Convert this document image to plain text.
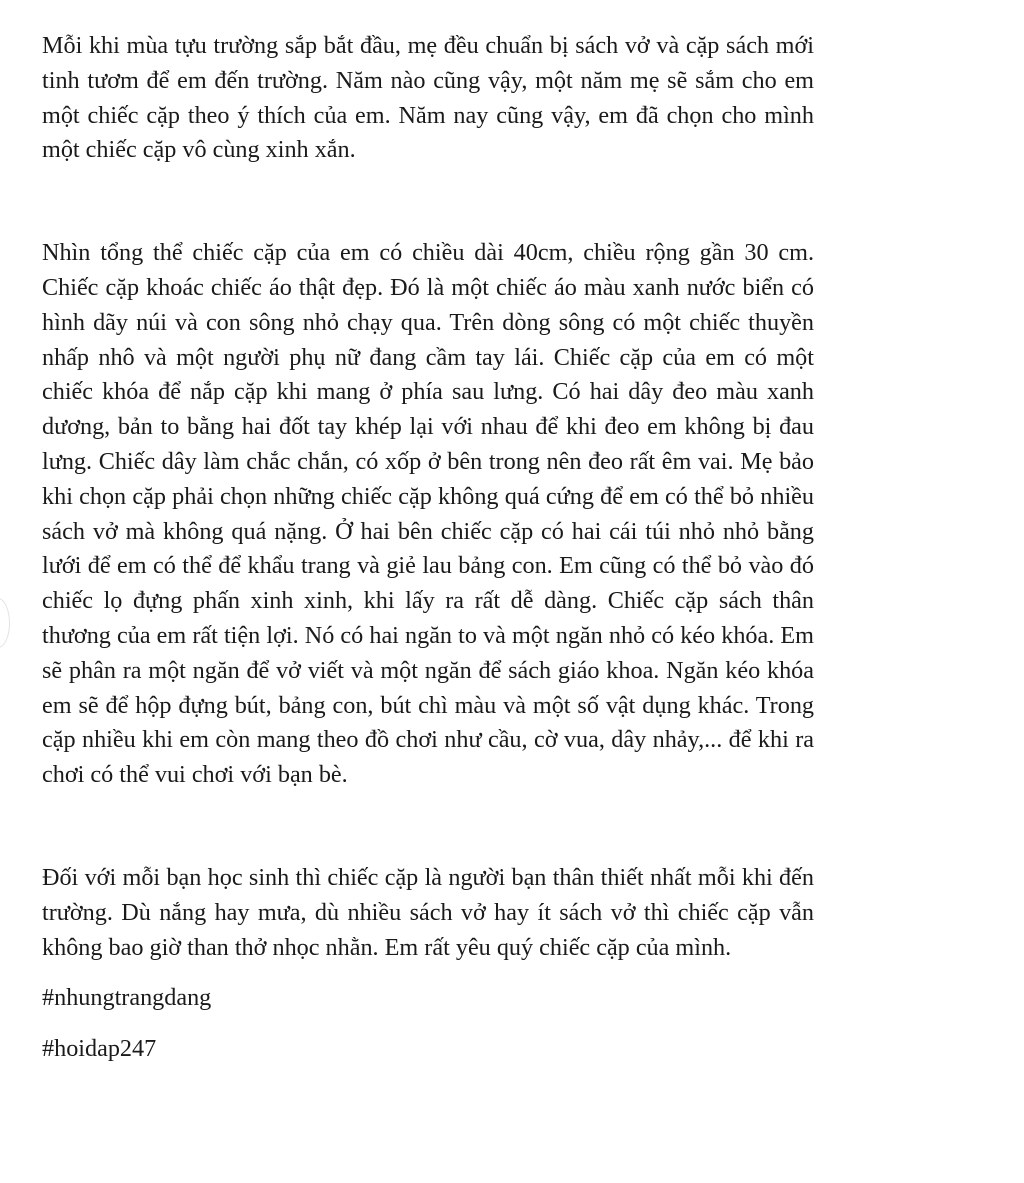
Mỗi khi mùa tựu trường sắp bắt đầu, mẹ đều chuẩn bị sách vở và cặp sách mới tinh tươm để em đến trường. Năm nào cũng vậy, một năm mẹ sẽ sắm cho em một chiếc cặp theo ý thích của em. Năm nay cũng vậy, em đã chọn cho mình một chiếc cặp vô cùng xinh xắn.

Nhìn tổng thể chiếc cặp của em có chiều dài 40cm, chiều rộng gần 30 cm. Chiếc cặp khoác chiếc áo thật đẹp. Đó là một chiếc áo màu xanh nước biển có hình dãy núi và con sông nhỏ chạy qua. Trên dòng sông có một chiếc thuyền nhấp nhô và một người phụ nữ đang cầm tay lái. Chiếc cặp của em có một chiếc khóa để nắp cặp khi mang ở phía sau lưng. Có hai dây đeo màu xanh dương, bản to bằng hai đốt tay khép lại với nhau để khi đeo em không bị đau lưng. Chiếc dây làm chắc chắn, có xốp ở bên trong nên đeo rất êm vai. Mẹ bảo khi chọn cặp phải chọn những chiếc cặp không quá cứng để em có thể bỏ nhiều sách vở mà không quá nặng. Ở hai bên chiếc cặp có hai cái túi nhỏ nhỏ bằng lưới để em có thể để khẩu trang và giẻ lau bảng con. Em cũng có thể bỏ vào đó chiếc lọ đựng phấn xinh xinh, khi lấy ra rất dễ dàng. Chiếc cặp sách thân thương của em rất tiện lợi. Nó có hai ngăn to và một ngăn nhỏ có kéo khóa. Em sẽ phân ra một ngăn để vở viết và một ngăn để sách giáo khoa. Ngăn kéo khóa em sẽ để hộp đựng bút, bảng con, bút chì màu và một số vật dụng khác. Trong cặp nhiều khi em còn mang theo đồ chơi như cầu, cờ vua, dây nhảy,... để khi ra chơi có thể vui chơi với bạn bè.

Đối với mỗi bạn học sinh thì chiếc cặp là người bạn thân thiết nhất mỗi khi đến trường. Dù nắng hay mưa, dù nhiều sách vở hay ít sách vở thì chiếc cặp vẫn không bao giờ than thở nhọc nhằn. Em rất yêu quý chiếc cặp của mình.

#nhungtrangdang

#hoidap247
